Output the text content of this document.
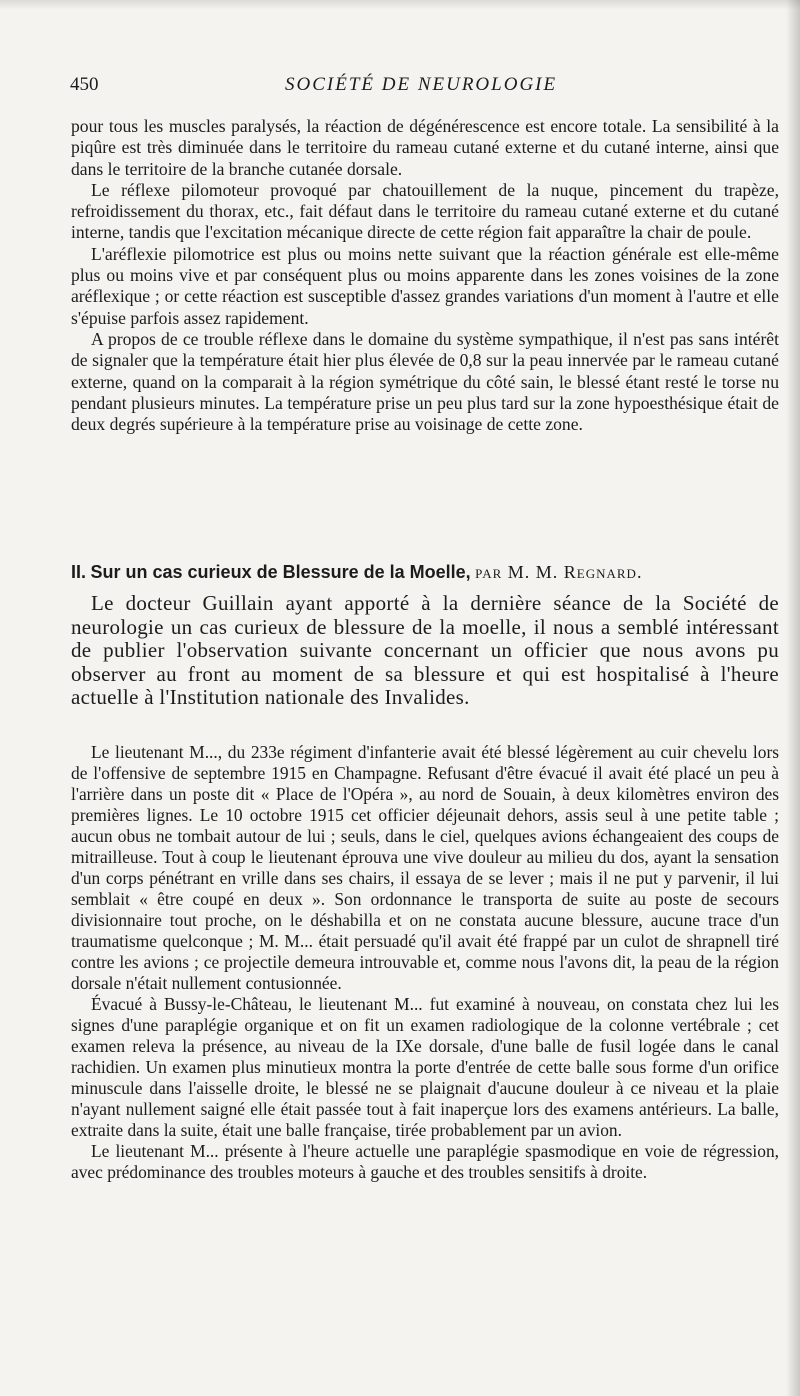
450	SOCIÉTÉ DE NEUROLOGIE

pour tous les muscles paralysés, la réaction de dégénérescence est encore totale. La sensibilité à la piqûre est très diminuée dans le territoire du rameau cutané externe et du cutané interne, ainsi que dans le territoire de la branche cutanée dorsale.

Le réflexe pilomoteur provoqué par chatouillement de la nuque, pincement du trapèze, refroidissement du thorax, etc., fait défaut dans le territoire du rameau cutané externe et du cutané interne, tandis que l'excitation mécanique directe de cette région fait apparaître la chair de poule.

L'aréflexie pilomotrice est plus ou moins nette suivant que la réaction générale est elle-même plus ou moins vive et par conséquent plus ou moins apparente dans les zones voisines de la zone aréflexique ; or cette réaction est susceptible d'assez grandes variations d'un moment à l'autre et elle s'épuise parfois assez rapidement.

A propos de ce trouble réflexe dans le domaine du système sympathique, il n'est pas sans intérêt de signaler que la température était hier plus élevée de 0,8 sur la peau innervée par le rameau cutané externe, quand on la comparait à la région symétrique du côté sain, le blessé étant resté le torse nu pendant plusieurs minutes. La température prise un peu plus tard sur la zone hypoesthésique était de deux degrés supérieure à la température prise au voisinage de cette zone.

II. Sur un cas curieux de Blessure de la Moelle, par M. M. Regnard.

Le docteur Guillain ayant apporté à la dernière séance de la Société de neurologie un cas curieux de blessure de la moelle, il nous a semblé intéressant de publier l'observation suivante concernant un officier que nous avons pu observer au front au moment de sa blessure et qui est hospitalisé à l'heure actuelle à l'Institution nationale des Invalides.

Le lieutenant M..., du 233e régiment d'infanterie avait été blessé légèrement au cuir chevelu lors de l'offensive de septembre 1915 en Champagne. Refusant d'être évacué il avait été placé un peu à l'arrière dans un poste dit « Place de l'Opéra », au nord de Souain, à deux kilomètres environ des premières lignes. Le 10 octobre 1915 cet officier déjeunait dehors, assis seul à une petite table ; aucun obus ne tombait autour de lui ; seuls, dans le ciel, quelques avions échangeaient des coups de mitrailleuse. Tout à coup le lieutenant éprouva une vive douleur au milieu du dos, ayant la sensation d'un corps pénétrant en vrille dans ses chairs, il essaya de se lever ; mais il ne put y parvenir, il lui semblait « être coupé en deux ». Son ordonnance le transporta de suite au poste de secours divisionnaire tout proche, on le déshabilla et on ne constata aucune blessure, aucune trace d'un traumatisme quelconque ; M. M... était persuadé qu'il avait été frappé par un culot de shrapnell tiré contre les avions ; ce projectile demeura introuvable et, comme nous l'avons dit, la peau de la région dorsale n'était nullement contusionnée.

Évacué à Bussy-le-Château, le lieutenant M... fut examiné à nouveau, on constata chez lui les signes d'une paraplégie organique et on fit un examen radiologique de la colonne vertébrale ; cet examen releva la présence, au niveau de la IXe dorsale, d'une balle de fusil logée dans le canal rachidien. Un examen plus minutieux montra la porte d'entrée de cette balle sous forme d'un orifice minuscule dans l'aisselle droite, le blessé ne se plaignait d'aucune douleur à ce niveau et la plaie n'ayant nullement saigné elle était passée tout à fait inaperçue lors des examens antérieurs. La balle, extraite dans la suite, était une balle française, tirée probablement par un avion.

Le lieutenant M... présente à l'heure actuelle une paraplégie spasmodique en voie de régression, avec prédominance des troubles moteurs à gauche et des troubles sensitifs à droite.
